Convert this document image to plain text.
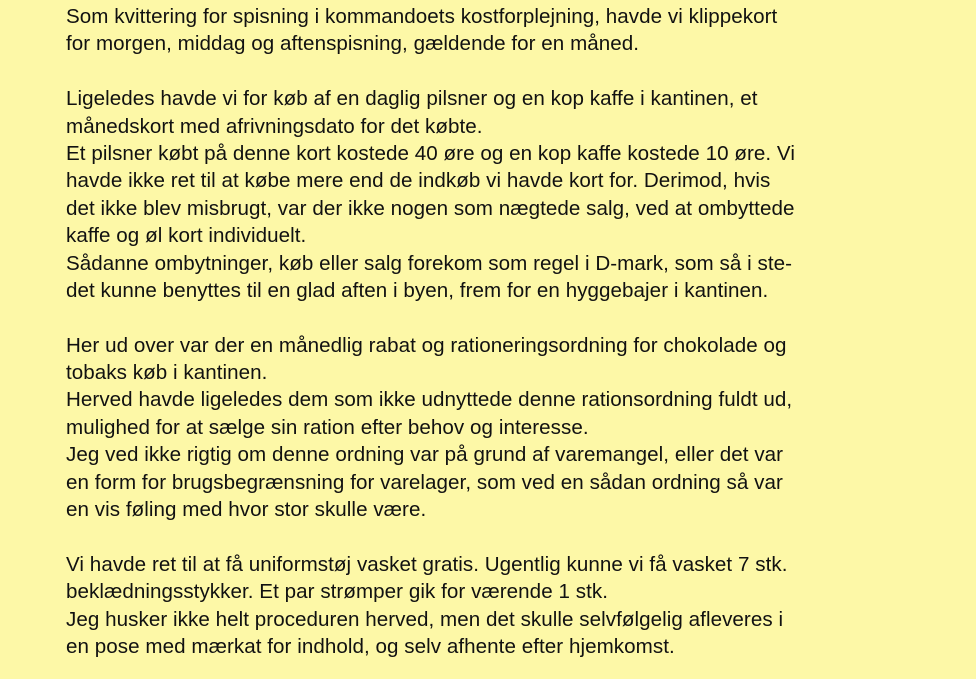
Som kvittering for spisning i kommandoets kostforplejning, havde vi klippekort
for morgen, middag og aftenspisning, gældende for en måned.
Ligeledes havde vi for køb af en daglig pilsner og en kop kaffe i kantinen, et
månedskort med afrivningsdato for det købte.
Et pilsner købt på denne kort kostede 40 øre og en kop kaffe kostede 10 øre. Vi
havde ikke ret til at købe mere end de indkøb vi havde kort for. Derimod, hvis
det ikke blev misbrugt, var der ikke nogen som nægtede salg, ved at ombyttede
kaffe og øl kort individuelt.
Sådanne ombytninger, køb eller salg forekom som regel i D-mark, som så i ste-
det kunne benyttes til en glad aften i byen, frem for en hyggebajer i kantinen.
Her ud over var der en månedlig rabat og rationeringsordning for chokolade og
tobaks køb i kantinen.
Herved havde ligeledes dem som ikke udnyttede denne rationsordning fuldt ud,
mulighed for at sælge sin ration efter behov og interesse.
Jeg ved ikke rigtig om denne ordning var på grund af varemangel, eller det var
en form for brugsbegrænsning for varelager, som ved en sådan ordning så var
en vis føling med hvor stor skulle være.
Vi havde ret til at få uniformstøj vasket gratis. Ugentlig kunne vi få vasket 7 stk.
beklædningsstykker. Et par strømper gik for værende 1 stk.
Jeg husker ikke helt proceduren herved, men det skulle selvfølgelig afleveres i
en pose med mærkat for indhold, og selv afhente efter hjemkomst.
